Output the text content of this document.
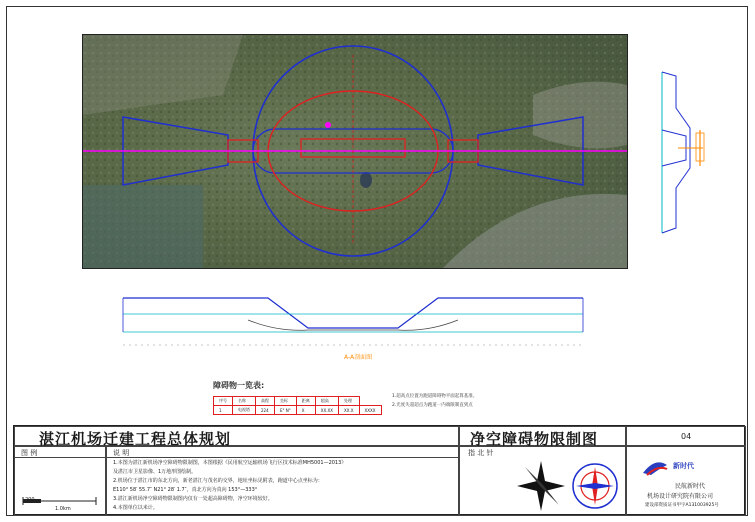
A-A剖面图
障碍物一览表:
序号	名称	高程	坐标	距离	超高	处理	
1	电视塔	224	E° N°	X	XX.XX	XX.X	XXXX
1.超高点位置为跑道障碍物平面起算基准。
2.光度失超超点为跑道一内端限制直到点
湛江机场迁建工程总体规划	净空障碍物限制图	04
图 例
200
1.0km
说 明
1.本图为湛江新机场净空障碍物限制图，本图根据《民用航空运输机场飞行区技术标准MH5001—2013》
及湛江市卫星影像、1万地形图绘制。
2.机场位于湛江市的东北方向，新老湛江与茂名的交界，地址坐标见附表，跑道中心点坐标为：
E110° 58′ 55.7″ N21° 28′ 1.7″，真北方向为真向 153°—333°
3.湛江新机场净空障碍物限制图内仅有一处超高障碍物，净空环境较好。
4.本图单位以米计。
指 北 针
新时代
民航新时代
机场设计研究院有限公司
建设部资质证书甲字A131003925号
